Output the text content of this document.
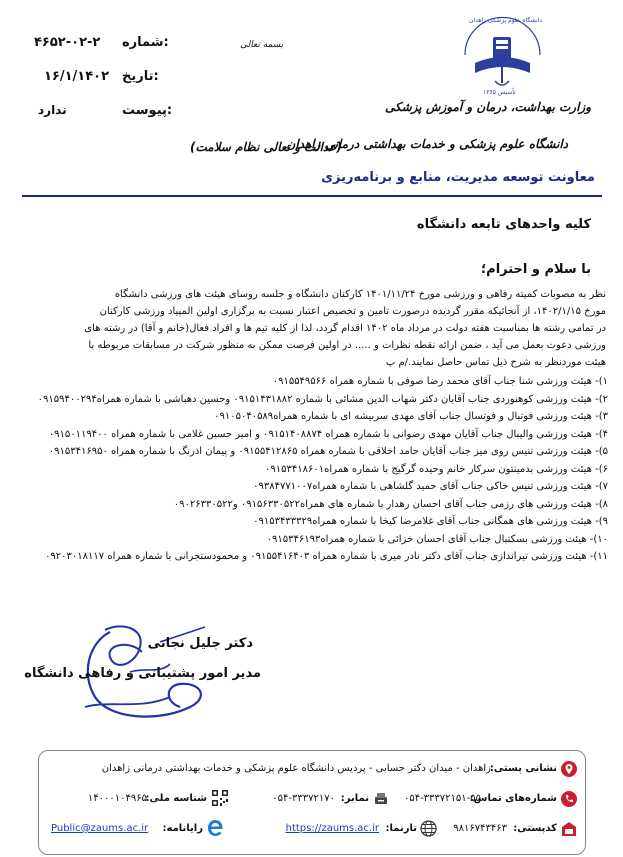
۴۶۵۲-۰۲-۲ شماره:
۱۶/۱/۱۴۰۲ تاریخ:
ندارد	پیوست:
بسمه تعالی
دانشگاه علوم پزشکی زاهدان
تأسیس ۱۳۶۵
وزارت بهداشت، درمان و آموزش پزشکی
دانشگاه علوم پزشکی و خدمات بهداشتی درمانی زاهدان
(عدالت و تعالی نظام سلامت)
معاونت توسعه مدیریت، منابع و برنامه‌ریزی
کلیه واحدهای تابعه دانشگاه
با سلام و احترام؛
نظر به مصوبات کمیته رفاهی و ورزشی مورخ ۱۴۰۱/۱۱/۲۴ کارکنان دانشگاه و جلسه روسای هیئت های ورزشی دانشگاه
مورخ ۱۴۰۲/۱/۱۵، از آنجائیکه مقرر گردیده درصورت تامین و تخصیص اعتبار نسبت به برگزاری اولین المپیاد ورزشی کارکنان
در تمامی رشته ها بمناسبت هفته دولت در مرداد ماه ۱۴۰۲ اقدام گردد، لذا از کلیه تیم ها و افراد فعال(خانم و آقا) در رشته های
ورزشی دعوت بعمل می آید ، ضمن ارائه نقطه نظرات و ..... در اولین فرصت ممکن به منظور شرکت در مسابقات مربوطه با
هیئت موردنظر به شرح ذیل تماس حاصل نمایند./م پ
۱)- هیئت ورزشی شنا جناب آقای محمد رضا صوفی با شماره همراه ۰۹۱۵۵۴۹۵۶۶
۲)- هیئت ورزشی کوهنوردی جناب آقایان دکتر شهاب الدین مشائی با شماره ۰۹۱۵۱۴۳۱۸۸۲ وحسین دهباشی با شماره همراه۰۹۱۵۹۴۰۰۲۹۴
۳)- هیئت ورزشی فوتبال و فوتسال جناب آقای مهدی سربیشه ای با شماره همراه۰۹۱۰۵۰۴۰۵۸۹
۴)- هیئت ورزشی والیبال جناب آقایان مهدی رضوانی با شماره همراه ۰۹۱۵۱۴۰۸۸۷۴ و امیر حسین غلامی با شماره همراه ۰۹۱۵۰۱۱۹۴۰۰
۵)- هیئت ورزشی تنیس روی میز جناب آقایان حامد اخلاقی با شماره همراه ۰۹۱۵۵۴۱۲۸۶۵ و پیمان اذرنگ با شماره همراه ۰۹۱۵۳۴۱۶۹۵۰
۶)- هیئت ورزشی بدمینتون سرکار خانم وحیده گرگیج با شماره همراه۰۹۱۵۳۴۱۸۶۰۱
۷)- هیئت ورزشی تنیس خاکی جناب آقای حمید گلشاهی با شماره همراه۰۹۳۸۴۷۷۱۰۰۷
۸)- هیئت ورزشی های رزمی جناب آقای احسان رهدار با شماره های همراه۰۹۱۵۶۳۳۰۵۲۲ و۰۹۰۲۶۳۳۰۵۲۲
۹)- هیئت ورزشی های همگانی جناب آقای غلامرضا کیخا با شماره همراه۰۹۱۵۳۴۳۳۳۲۹
۱۰)- هیئت ورزشی بسکتبال جناب آقای احسان خزائی با شماره همراه۰۹۱۵۳۴۶۱۹۳
۱۱)- هیئت ورزشی تیراندازی جناب آقای دکتر نادر میری با شماره همراه ۰۹۱۵۵۴۱۶۴۰۳ و محمودستجرانی با شماره همراه ۰۹۲۰۳۰۱۸۱۱۷
دکتر جلیل نجاتی
مدیر امور پشتیبانی و رفاهی دانشگاه
نشانی پستی:
زاهدان - میدان دکتر حسابی - پردیس دانشگاه علوم پزشکی و خدمات بهداشتی درمانی زاهدان
شماره‌های تماس:
۰۵۴-۳۳۳۷۲۱۵۱-۵۵
نمابر:
۰۵۴-۳۳۳۷۲۱۷۰
شناسه ملی:
۱۴۰۰۰۱۰۴۹۶۵
کدپستی:
۹۸۱۶۷۴۳۴۶۳
تارنما:
https://zaums.ac.ir
رایانامه:
Public@zaums.ac.ir
